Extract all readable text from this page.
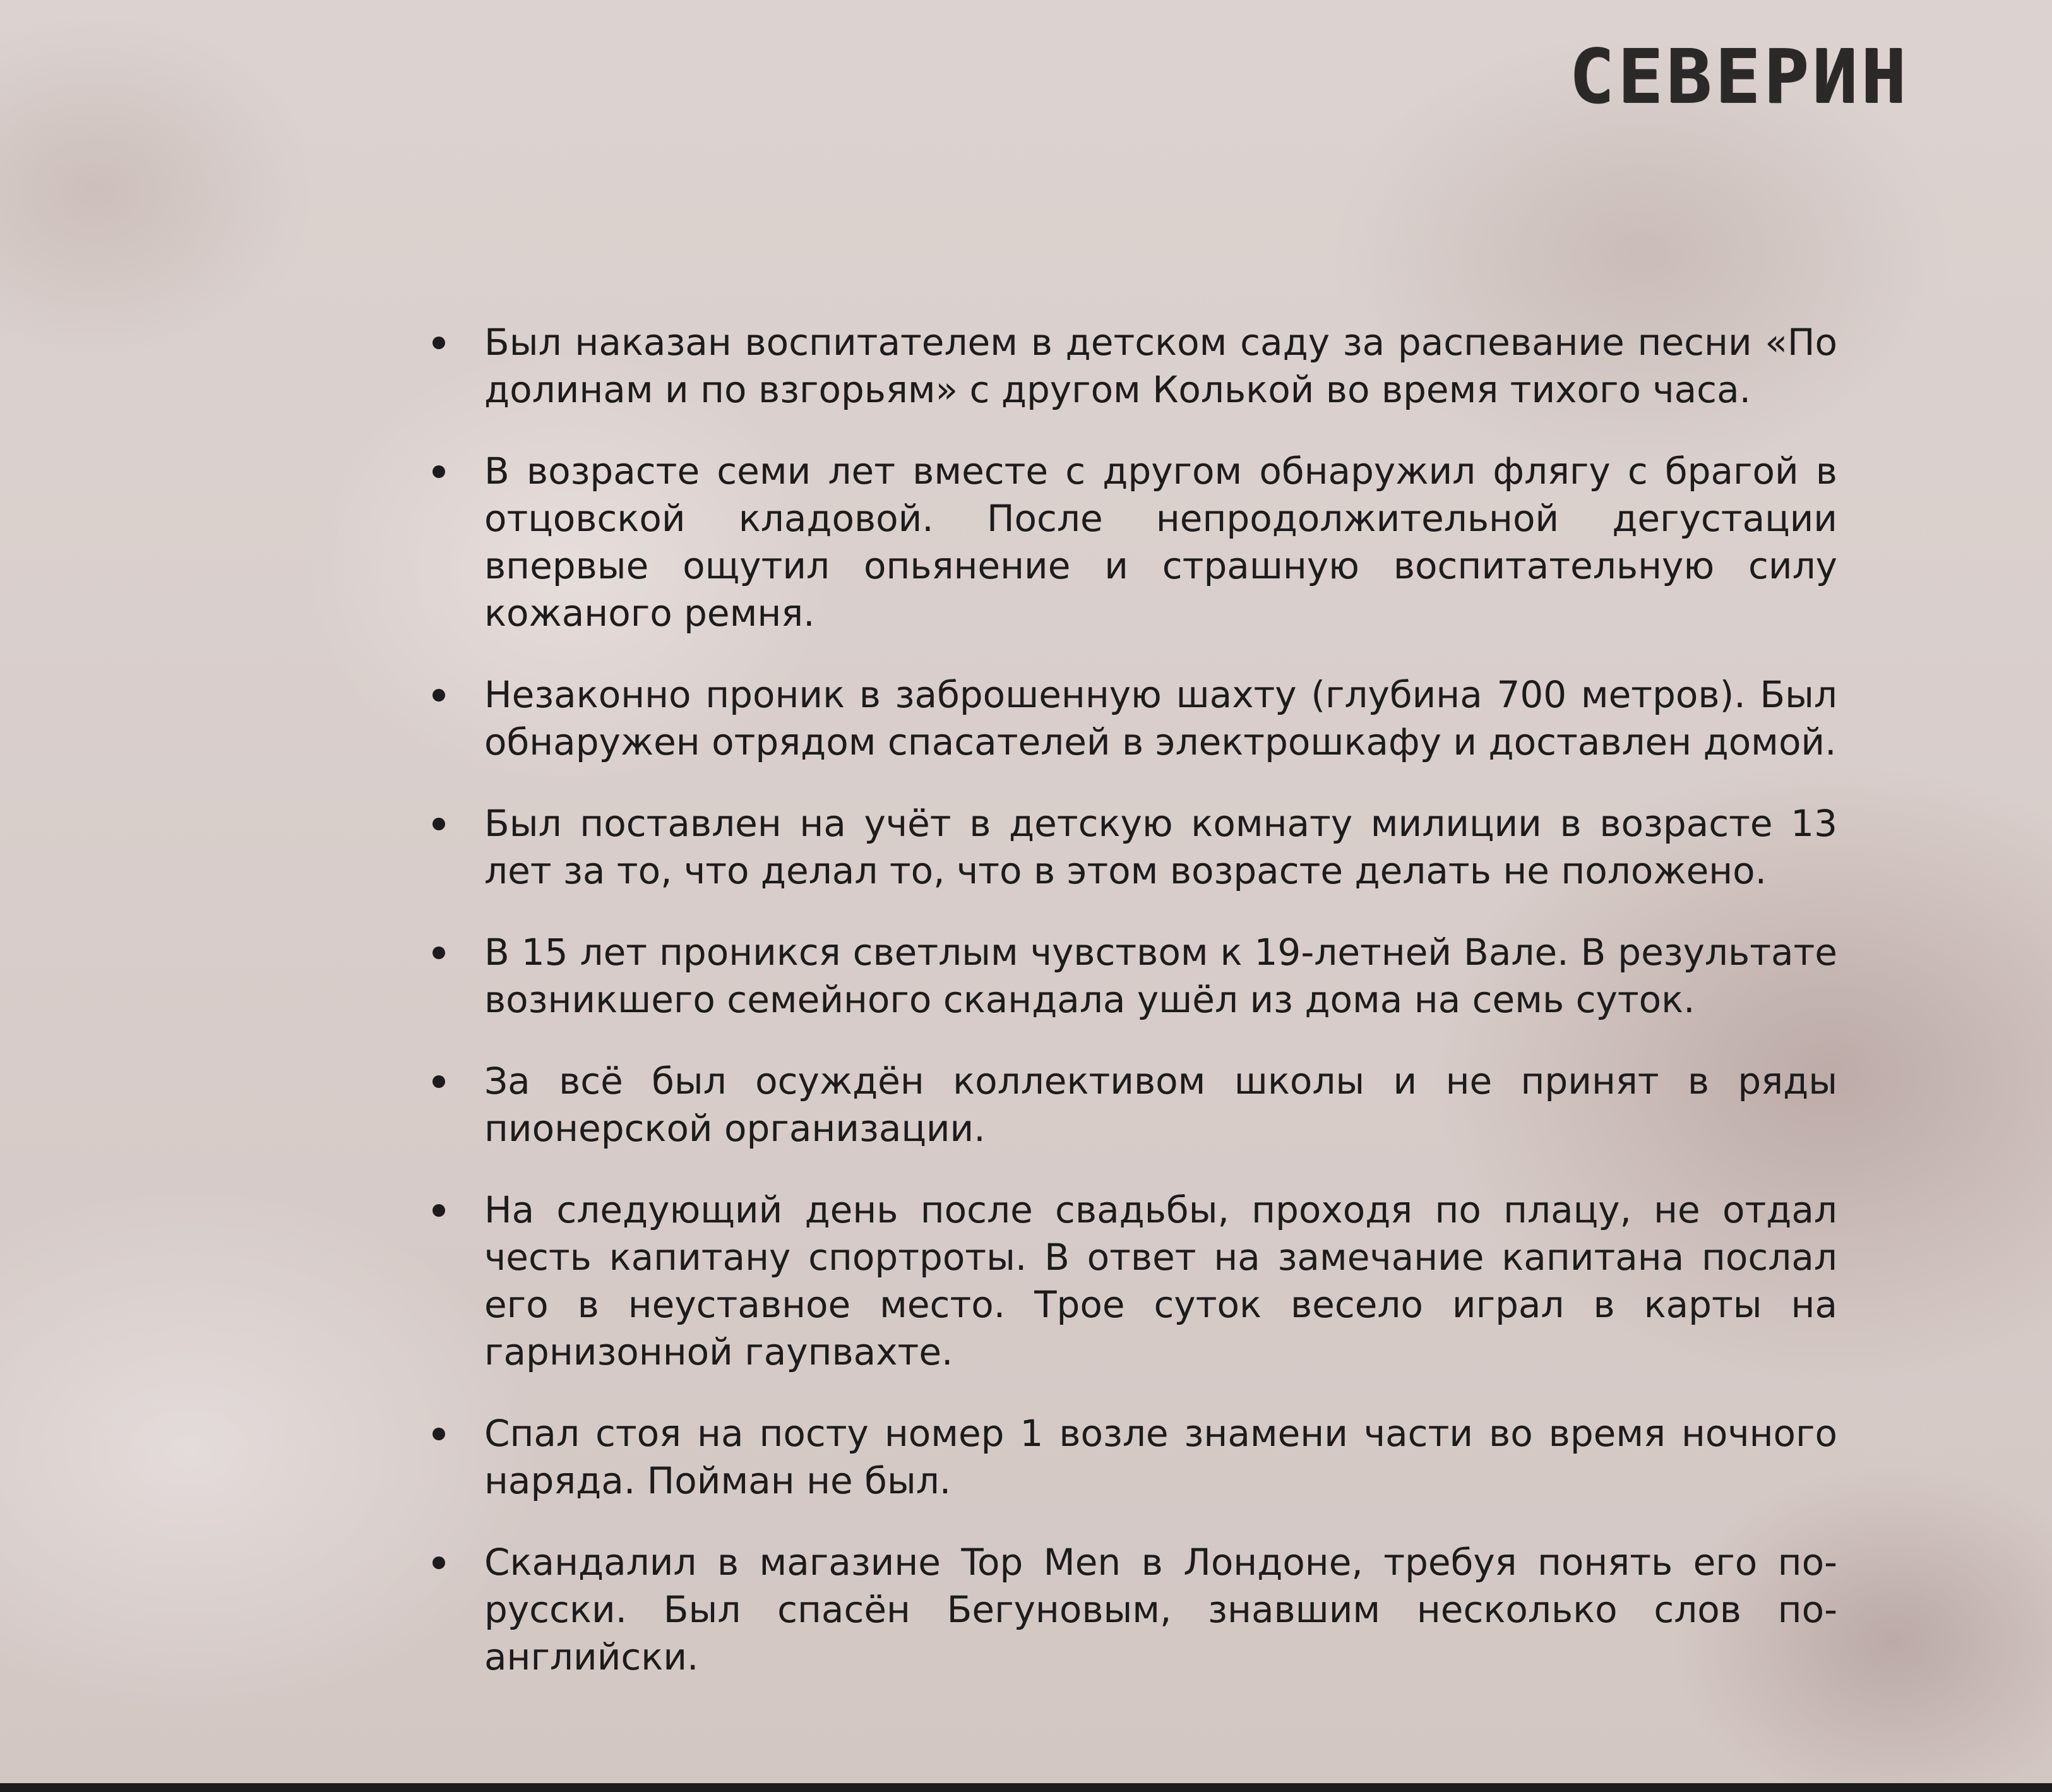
СЕВЕРИН
Был наказан воспитателем в детском саду за распевание песни «По долинам и по взгорьям» с другом Колькой во время тихого часа.
В возрасте семи лет вместе с другом обнаружил флягу с брагой в отцовской кладовой. После непродолжительной дегустации впервые ощутил опьянение и страшную воспитательную силу кожаного ремня.
Незаконно проник в заброшенную шахту (глубина 700 метров). Был обнаружен отрядом спасателей в электрошкафу и доставлен домой.
Был поставлен на учёт в детскую комнату милиции в возрасте 13 лет за то, что делал то, что в этом возрасте делать не положено.
В 15 лет проникся светлым чувством к 19-летней Вале. В результате возникшего семейного скандала ушёл из дома на семь суток.
За всё был осуждён коллективом школы и не принят в ряды пионерской организации.
На следующий день после свадьбы, проходя по плацу, не отдал честь капитану спортроты. В ответ на замечание капитана послал его в неуставное место. Трое суток весело играл в карты на гарнизонной гаупвахте.
Спал стоя на посту номер 1 возле знамени части во время ночного наряда. Пойман не был.
Скандалил в магазине Top Men в Лондоне, требуя понять его по-русски. Был спасён Бегуновым, знавшим несколько слов по-английски.
